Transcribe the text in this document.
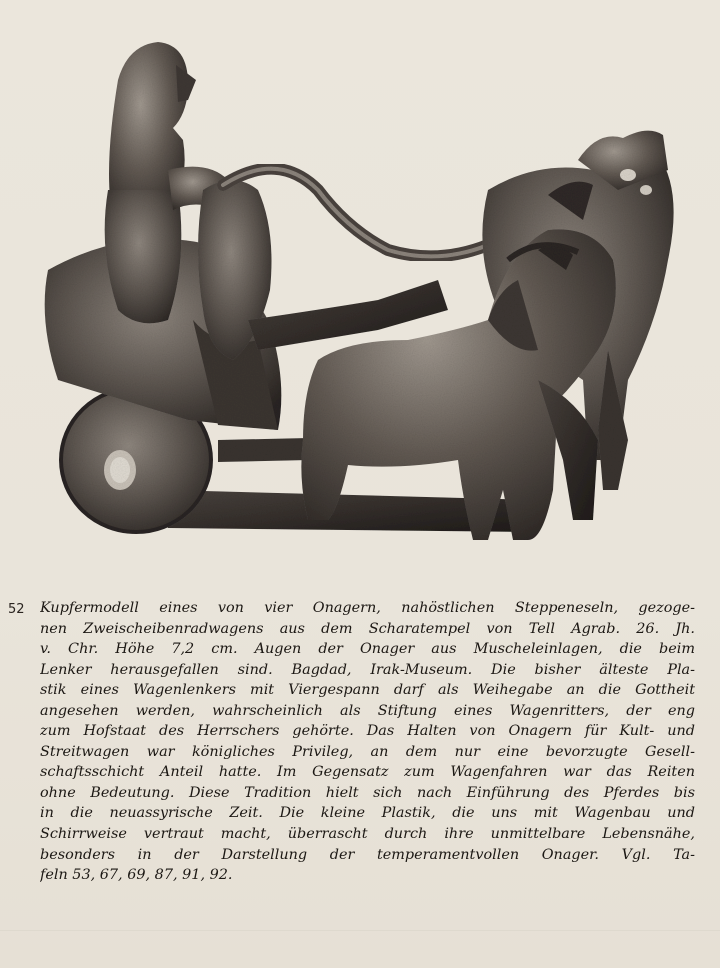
52 Kupfermodell eines von vier Onagern, nahöstlichen Steppeneseln, gezoge-
nen Zweischeibenradwagens aus dem Scharatempel von Tell Agrab. 26. Jh.
v. Chr. Höhe 7,2 cm. Augen der Onager aus Muscheleinlagen, die beim
Lenker herausgefallen sind. Bagdad, Irak-Museum. Die bisher älteste Pla-
stik eines Wagenlenkers mit Viergespann darf als Weihegabe an die Gottheit
angesehen werden, wahrscheinlich als Stiftung eines Wagenritters, der eng
zum Hofstaat des Herrschers gehörte. Das Halten von Onagern für Kult- und
Streitwagen war königliches Privileg, an dem nur eine bevorzugte Gesell-
schaftsschicht Anteil hatte. Im Gegensatz zum Wagenfahren war das Reiten
ohne Bedeutung. Diese Tradition hielt sich nach Einführung des Pferdes bis
in die neuassyrische Zeit. Die kleine Plastik, die uns mit Wagenbau und
Schirrweise vertraut macht, überrascht durch ihre unmittelbare Lebensnähe,
besonders in der Darstellung der temperamentvollen Onager. Vgl. Ta-
feln 53, 67, 69, 87, 91, 92.
